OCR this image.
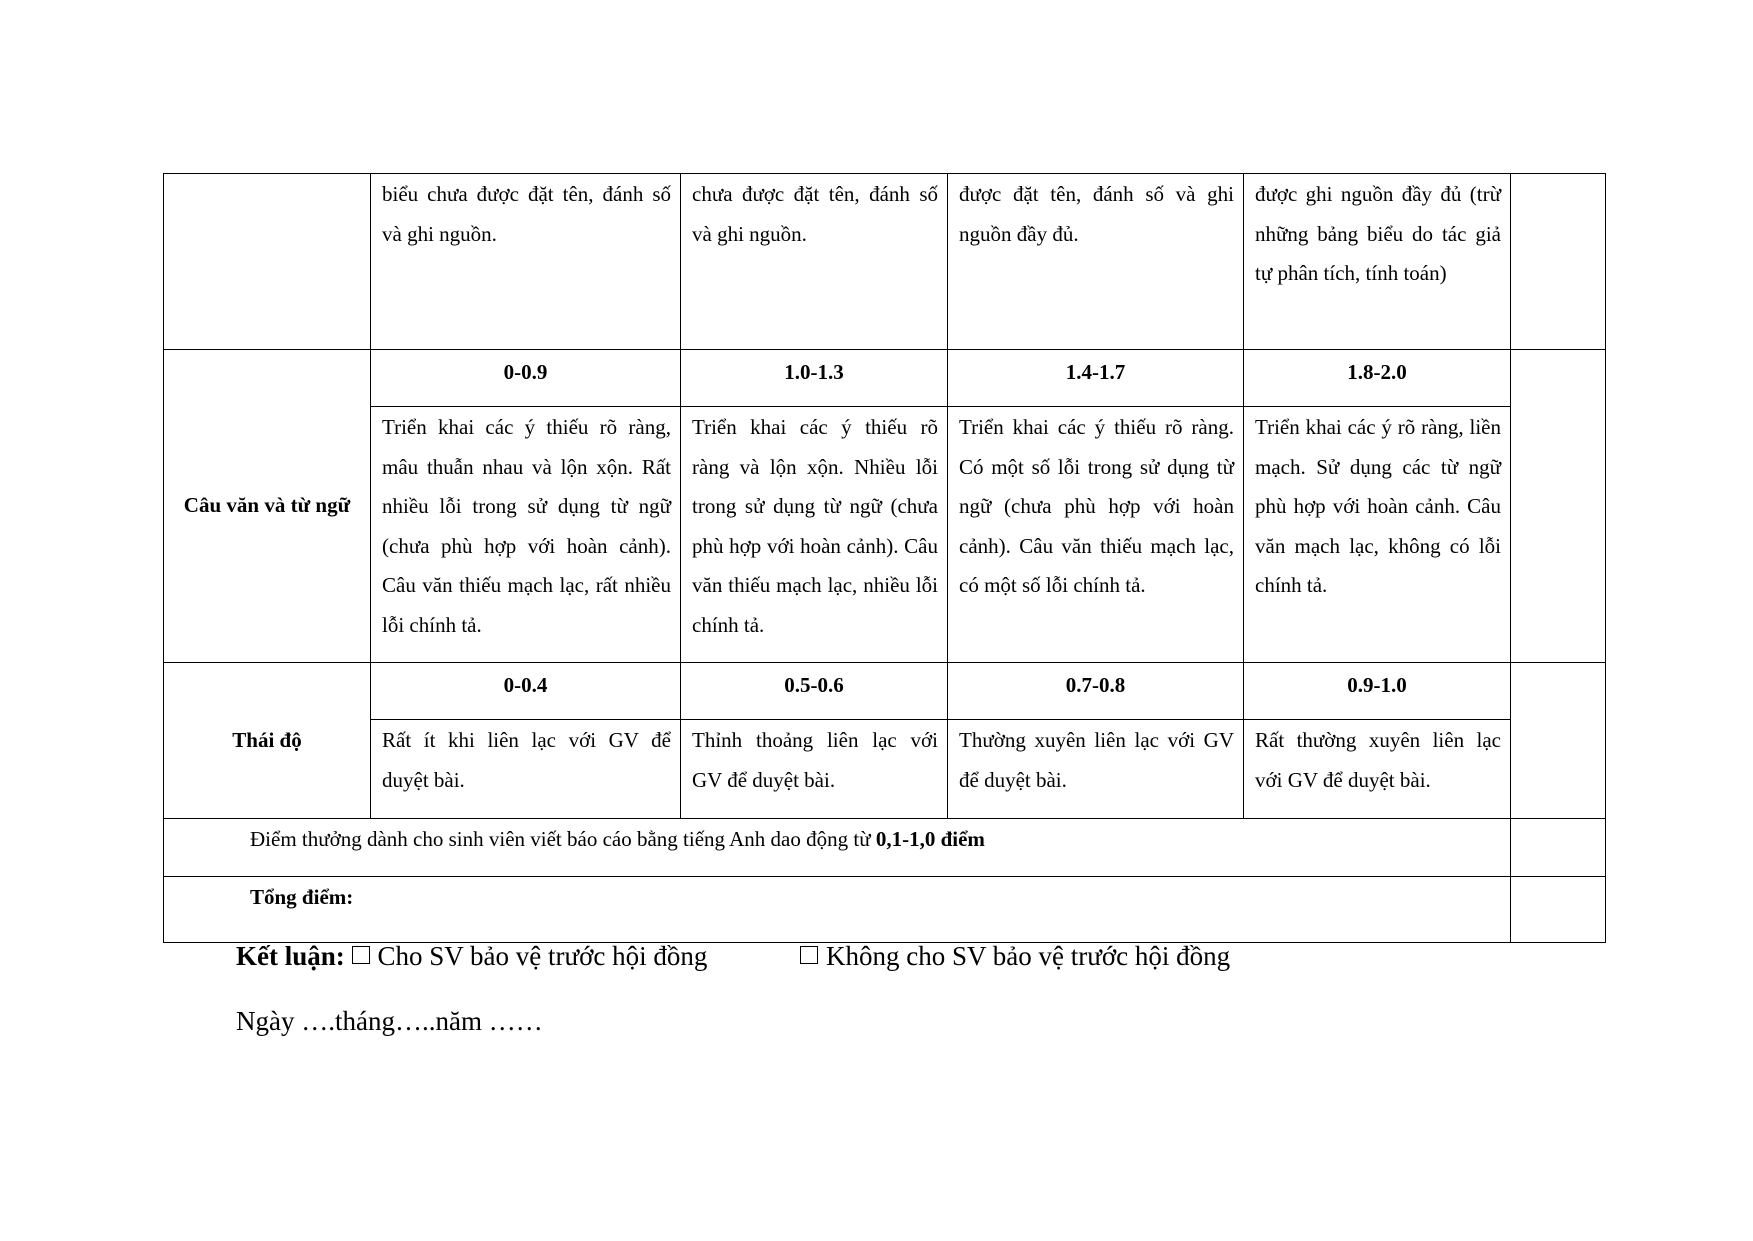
	biểu chưa được đặt tên, đánh số và ghi nguồn.	chưa được đặt tên, đánh số và ghi nguồn.	được đặt tên, đánh số và ghi nguồn đầy đủ.	được ghi nguồn đầy đủ (trừ những bảng biểu do tác giả tự phân tích, tính toán)	
Câu văn và từ ngữ	0-0.9	1.0-1.3	1.4-1.7	1.8-2.0	
	Triển khai các ý thiếu rõ ràng, mâu thuẫn nhau và lộn xộn. Rất nhiều lỗi trong sử dụng từ ngữ (chưa phù hợp với hoàn cảnh). Câu văn thiếu mạch lạc, rất nhiều lỗi chính tả.	Triển khai các ý thiếu rõ ràng và lộn xộn. Nhiều lỗi trong sử dụng từ ngữ (chưa phù hợp với hoàn cảnh). Câu văn thiếu mạch lạc, nhiều lỗi chính tả.	Triển khai các ý thiếu rõ ràng. Có một số lỗi trong sử dụng từ ngữ (chưa phù hợp với hoàn cảnh). Câu văn thiếu mạch lạc, có một số lỗi chính tả.	Triển khai các ý rõ ràng, liền mạch. Sử dụng các từ ngữ phù hợp với hoàn cảnh. Câu văn mạch lạc, không có lỗi chính tả.	
Thái độ	0-0.4	0.5-0.6	0.7-0.8	0.9-1.0	
	Rất ít khi liên lạc với GV để duyệt bài.	Thỉnh thoảng liên lạc với GV để duyệt bài.	Thường xuyên liên lạc với GV để duyệt bài.	Rất thường xuyên liên lạc với GV để duyệt bài.	
Điểm thưởng dành cho sinh viên viết báo cáo bằng tiếng Anh dao động từ 0,1-1,0 điểm					
Tổng điểm:					
Kết luận: Cho SV bảo vệ trước hội đồng	Không cho SV bảo vệ trước hội đồng
Ngày ….tháng…..năm ……
